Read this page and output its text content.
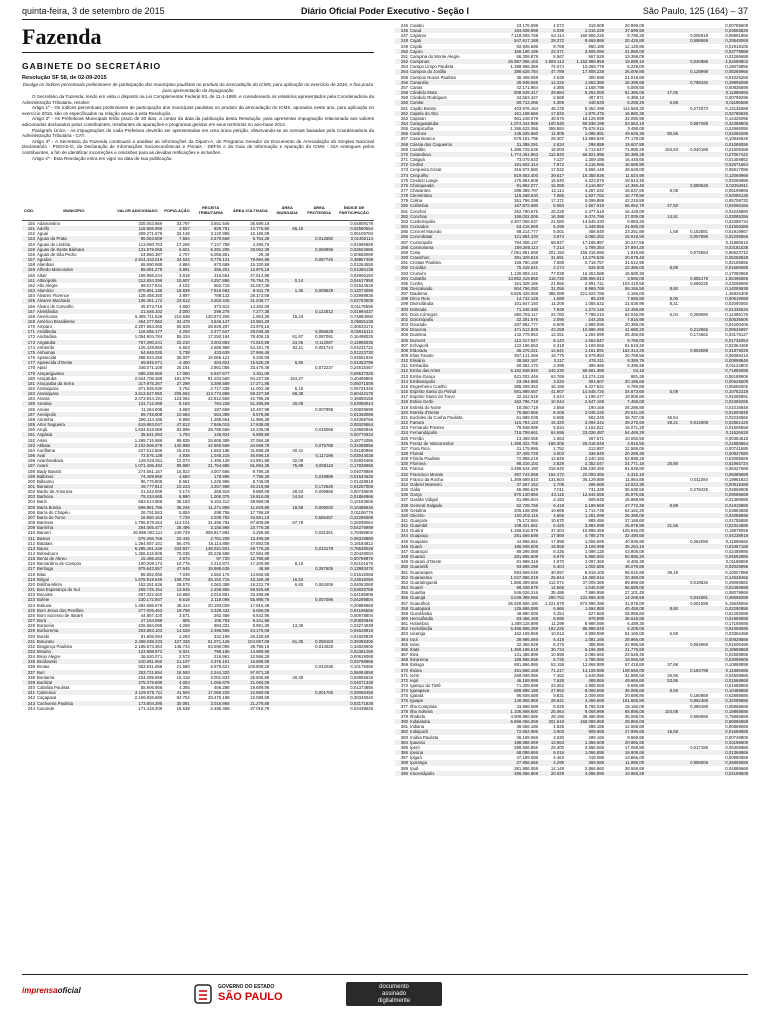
quinta-feira, 3 de setembro de 2015	Diário Oficial Poder Executivo - Seção I	São Paulo, 125 (164) – 37
Fazenda
GABINETE DO SECRETÁRIO
Resolução SF 58, de 02-09-2015
Divulga os índices percentuais preliminares de participação dos municípios paulistas no produto da arrecadação do ICMS, para aplicação no exercício de 2016, e fixa prazo para apresentação da impugnação

O Secretário da Fazenda, tendo em vista o disposto na Lei Complementar Federal 63, de 11-1-1990, e considerando os relatórios apresentados pela Coordenadoria da Administração Tributária, resolve:

Artigo 1º - Os índices percentuais preliminares de participação dos municípios paulistas no produto da arrecadação do ICMS, apurados neste ano, para aplicação no exercício 2016, são os especificados na relação anexa a esta Resolução.

Artigo 2º - As Prefeituras Municipais terão prazo de 30 dias, a contar da data da publicação desta Resolução, para apresentar impugnação relacionada aos valores adicionados declarados pelos contribuintes, resultantes de apurações e programas geridos em seus territórios no ano-base 2014.

Parágrafo Único - As impugnações de cada Prefeitura deverão ser apresentadas em uma única petição, observando-se as normas baixadas pela Coordenadoria da Administração Tributária - CAT.

Artigo 3º - A Secretaria da Fazenda continuará a analisar as informações da Dipam-A, do Programa Gerador do Documento de Arrecadação do Simples Nacional Declaratório - PGDAS-D, da Declaração de Informações Socioeconômicas e Fiscais - DEFIS e da Guia de Informação e Apuração do ICMS - GIA entregues pelos contribuintes, a fim de identificar incorreções e omissões para as devidas retificações e inclusões.

Artigo 4º - Esta Resolução entra em vigor na data de sua publicação.

CÓD.	MUNICÍPIO	VALOR ADICIONADO	POPULAÇÃO	RECEITA TRIBUTÁRIA	ÁREA CULTIVADA	ÁREA INUNDADA	ÁREA PROTEGIDA	ÍNDICE DE PARTICIPAÇÃO
150	Adamantina	325.053.669	33.797	3.651.646	35.589,18			0,04809178
151	Adolfo	118.556.995	3.557	829.781	14.775,80	65,18		0,02560554
152	Aguaí	409.271.679	32.148	3.120.985	42.196,08			0,06109784
153	Águas da Prata	86.063.609	7.584	2.579.569	8.764,28		0,012550	0,01482114
154	Águas de Lindóia	113.050.763	17.266	7.147.789	4.396,76			0,01985869
155	Águas de Santa Bárbara	131.979.068	5.601	6.391.205	28.062,38		0,069998	0,03604686
156	Águas de São Pedro	24.960.387	2.707	6.065.891	29,48			0,00558069
157	Agudos	2.914.433.018	34.524	6.776.131	79.994,98		0,087746	0,38967498
158	Alambari	65.890.988	4.884	673.699	15.330,88			0,01264555
159	Alfredo Marcondes	65.081.279	3.891	456.201	12.876,18			0,01386138
160	Altair	158.966.244	3.815	316.554	27.514,88			0,02906193
161	Altinópolis	212.554.296	15.607	4.257.886	76.794,75	0,14		0,04617958
162	Alto Alegre	69.017.944	4.102	562.715	31.057,38			0,01544628
163	Alumínio	876.891.136	16.839	7.815.692	8.911,78	1,36	0,009629	0,12074096
164	Álvares Florence	128.458.350	3.897	788.132	28.173,08			0,02998936
165	Álvares Machado	136.451.172	23.513	4.263.445	31.048,77			0,02763608
166	Álvaro de Carvalho	45.973.716	4.650	373.812	14.482,08			0,01175555
167	Alvinlândia	21.646.102	3.000	296.278	7.277,38		0,122512	0,01994437
168	Americana	5.385.711.526	210.638	120.674.205	1.953,38	18,24		0,74884080
169	Américo Brasiliense	464.277.952	34.478	3.546.147	10.981,28			0,06881138
170	Amparo	2.207.863.465	65.829	28.829.287	23.978,18			0,30633172
171	Analândia	118.656.177	4.293	2.477.647	28.038,38		0,066628	0,02615112
172	Andradina	1.054.904.784	55.334	17.250.184	78.406,18	61,87	0,087091	0,16498025
173	Angatuba	757.290.241	22.210	3.003.883	74.810,98	24,05	0,112087	0,12995036
174	Anhembi	125.428.860	5.653	2.586.989	54.181,78	62,11	0,051744	0,04231722
175	Anhumas	54.646.035	3.738	433.639	27.866,48			0,01223730
176	Aparecida	288.924.265	35.007	16.066.121	6.336,08			0,04551926
177	Aparecida d'Oeste	69.845.071	4.450	463.824	15.525,28	6,80		0,01353795
178	Apiaí	346.071.106	25.191	2.861.056	33.476,48		0,572237	0,24515467
179	Araçariguama	686.236.560	17.080	5.947.677	2.911,08			0,09537025
180	Araçatuba	2.624.706.489	181.579	81.034.560	94.227,58	154,27		0,40499865
181	Araçoiaba da Serra	317.975.267	27.299	3.289.589	17.271,88			0,05071508
182	Araraquara	871.926.030	3.752	2.717.339	11.002,48	5,16		0,05721346
183	Araraquara	3.613.527.950	208.662	113.774.988	59.227,58	68,38		0,60442178
184	Araras	2.473.944.191	123.054	42.812.559	42.795,28			0,36888158
185	Arealva	131.712.089	8.194	784.228	51.285,89	40,08		0,03058014
186	Areias	11.264.808	3.683	187.669	10.487,98		0,007998	0,00839698
187	Areiópolis	69.745.908	10.684	564.389	8.578,88			0,01368086
188	Ariranha	296.114.185	8.866	1.285.664	11.986,38			0,04358766
189	Artur Nogueira	619.863.047	47.812	7.846.015	17.638,08			0,09329564
190	Arujá	1.634.618.069	82.896	28.786.659	10.236,08		0,015066	0,23660846
191	Aspásia	35.641.093	1.794	146.924	6.898,88			0,00770934
192	Assis	1.269.715.986	99.835	26.906.389	37.066,38			0,18774286
193	Atibaia	2.102.506.079	140.898	42.860.566	34.689,78		0,075788	0,31088856
194	Auriflama	227.612.566	15.215	1.553.186	31.888,28	40,41		0,04180866
195	Avaí	73.576.138	4.938	1.045.219	46.696,18		0,117196	0,03044038
196	Avanhandava	128.023.811	12.073	1.456.139	24.891,88	32,08		0,02825466
197	Avaré	1.071.406.494	89.990	21.764.986	81.994,38	75,89	0,008118	0,17839958
198	Bady Bassitt	274.551.167	15.922	4.007.686	9.796,28			0,04078889
199	Balbinos	74.489.966	4.680	179.996	7.796,38		0,019989	0,01544626
200	Bálsamo	86.776.809	8.651	1.226.986	8.746,08			0,01428818
201	Bananal	49.777.812	10.223	3.257.988	40.219,88		0,172626	0,04257068
202	Barão de Antonina	21.242.009	3.174	268.915	9.888,08	28,93	0,009966	0,00748606
203	Barbosa	79.234.965	6.990	1.008.376	16.818,08	24,54		0,01866866
204	Bariri	683.614.968	35.183	9.153.412	38.999,08			0,10183506
205	Barra Bonita	699.861.785	35.246	11.271.895	11.829,88	18,58	0,009202	0,10488646
206	Barra do Chapéu	26.791.563	5.854	298.756	17.786,28			0,01106776
207	Barra do Turvo	16.850.163	7.729	2.039.782	34.581,18		0,585457	0,22296008
208	Barretos	1.756.879.264	112.101	31.496.784	97.809,88	87,78		0,29298064
209	Barrinha	284.065.477	28.496	3.156.988	10.779,38			0,04279998
210	Barueri	26.996.002.111	240.749	808.817.882	3.298,88		0,031351	3,79498802
211	Bastos	576.266.766	20.445	2.761.208	13.499,58			0,08319880
212	Batatais	1.294.657.101	56.476	16.114.888	47.883,08			0,19184812
213	Bauru	5.285.461.446	343.937	148.021.501	48.776,28		0,013178	0,78538048
214	Bebedouro	1.366.615.608	75.035	28.226.598	57.984,88			0,20428004
215	Bento de Abreu	15.486.262	2.674	97.720	12.768,88			0,00769876
216	Bernardino de Campos	100.008.173	10.775	2.212.872	17.209,88	8,10		0,02101676
217	Bertioga	975.643.557	47.645	19.988.639	48,99		0,267605	0,13983478
218	Bilac	86.862.065	7.048	2.562.176	14.666,58			0,01616068
219	Birigui	1.578.919.649	108.728	48.152.715	43.169,48	16,53		0,23919266
220	Biritiba-Mirim	152.261.636	28.575	2.063.388	16.222,78	6,60	0,063406	0,04063068
221	Boa Esperança do Sul	209.725.154	13.645	2.458.956	59.926,68			0,03839788
222	Bocaina	267.322.460	10.858	3.010.881	33.488,88			0,04195906
223	Bofete	230.172.947	9.618	2.119.098	55.988,78		0,007096	0,04299804
224	Boituva	1.492.686.678	48.314	20.193.029	17.915,48			0,20889968
225	Bom Jesus dos Perdões	277.005.463	19.708	3.328.432	5.066,08			0,04196556
226	Bom Sucesso de Itararé	44.857.420	3.571	292.489	6.542,98			0,00978804
227	Borá	47.154.098	805	106.763	9.341,98			0,00830848
228	Boracéia	226.684.099	4.268	984.331	8.991,38	13,36		0,03274038
229	Borborema	263.883.103	14.529	2.496.566	44.176,08			0,04628918
230	Borebi	91.806.094	2.293	342.199	26.228,68			0,01928838
231	Botucatu	2.498.038.233	127.328	51.071.128	104.097,08	61,35	0,058183	0,39358306
232	Bragança Paulista	2.185.573.364	146.744	53.596.095	39.796,18		0,014028	0,32828606
233	Braúna	123.998.972	5.021	798.186	14.989,98			0,02381286
234	Brejo Alegre	26.520.071	2.573	216.961	10.566,28			0,00619068
235	Brodowski	240.081.850	21.107	4.376.161	16.888,08			0,03788866
236	Brotas	553.631.658	21.580	6.978.621	108.808,28		0,042036	0,10178456
237	Buri	253.721.854	18.563	2.244.320	97.971,28			0,06084858
238	Buritama	224.289.658	15.418	3.001.833	25.836,88	40,30		0,03855626
239	Buritizal	275.379.689	4.053	1.066.679	21.066,08			0,04071338
240	Cabrália Paulista	55.906.866	4.365	466.288	19.689,98			0,01373856
241	Cabreúva	2.129.875.711	41.604	17.068.228	22.869,08		0,001706	0,29066456
242	Caçapava	2.169.826.686	84.752	28.476.188	22.088,08			0,30346046
243	Cachoeira Paulista	173.804.295	30.091	3.016.968	21.278,88			0,03171938
244	Caconde	171.418.209	18.538	2.496.369	37.018,78			0,03439626
245	Caiabu	23.176.598	4.072	319.608	20.999,08			0,00789608
246	Caiuá	184.639.988	5.039	1.016.229	37.699,58			0,03558826
247	Cajamar	7.118.059.768	64.114	160.906.226	9.798,28		0,005918	0,98891866
248	Cajati	547.617.188	28.372	8.669.886	20.426,88		0,598669	0,29548068
249	Cajobi	92.946.696	9.768	950.189	12.128,88			0,01918106
250	Cajuru	169.196.189	23.371	3.608.096	41.868,08			0,03779888
251	Campina do Monte Alegre	56.306.879	5.567	567.629	13.398,08			0,01266688
252	Campinas	26.987.096.166	1.080.113	1.152.988.858	19.089,18		0,040986	4,02688802
253	Campo Limpo Paulista	1.398.966.388	74.074	15.069.778	6.229,08			0,19076856
254	Campos do Jordão	388.628.784	47.789	17.808.228	26.009,88		0,128998	0,08269966
255	Campos Novos Paulista	38.408.059	4.539	300.698	21.018,88			0,01026266
256	Cananéia	39.948.566	12.226	1.663.386	16.399,88		0,798426	0,29996098
257	Canas	42.171.964	4.385	1.168.798	5.069,58			0,00836698
258	Cândido Mota	808.549.417	29.884	5.264.068	51.386,08	17,06		0,11888666
259	Cândido Rodrigues	34.553.427	2.668	487.971	6.388,18			0,00798296
260	Canitar	59.712.286	4.369	448.828	6.288,28	6,58		0,01196686
261	Capão Bonito	403.976.164	46.178	8.352.499	114.668,28		0,272573	0,13136688
262	Capela do Alto	161.158.666	17.532	1.876.475	16.880,38			0,02786826
263	Capivari	961.248.079	48.576	18.128.098	32.096,98			0,14326096
264	Caraguatatuba	1.074.444.969	100.840	59.938.198	33.662,18		0,587268	0,42388806
265	Carapicuíba	1.366.632.366	369.584	75.676.916	3.498,08			0,24966086
266	Cardoso	145.325.660	11.805	1.096.881	49.626,38	80,66		0,03466286
267	Casa Branca	679.181.798	28.307	13.889.826	77.178,08			0,10846826
268	Cássia dos Coqueiros	31.388.291	2.634	298.888	15.607,88			0,01088096
269	Castilho	1.366.725.538	18.003	4.713.547	71.989,28	153,83	0,040189	0,21608468
270	Catanduva	1.774.451.963	112.820	66.821.996	26.388,38			0,27067442
271	Catiguá	73.075.633	7.127	1.309.188	15.448,68			0,01458862
272	Cedral	181.602.314	7.972	4.116.066	16.689,98			0,02671664
273	Cerqueira César	316.972.680	17.532	3.656.148	48.628,08			0,05617086
274	Cerquilho	819.553.400	39.617	10.358.636	11.624,98			0,12068966
275	Cesário Lange	176.864.608	15.540	4.323.876	19.613,48			0,03259988
276	Charqueada	91.862.077	15.085	4.116.867	14.366,48		0,089528	0,02254911
277	Chavantes	289.389.797	12.114	4.287.632	16.837,68	8,09		0,05199866
278	Clementina	115.268.630	7.065	1.827.762	16.779,98			0,02086135
279	Colina	361.786.298	17.371	5.096.888	42.219,88			0,05708733
280	Colômbia	167.872.580	5.994	1.567.919	66.952,78	47,50		0,04066166
281	Conchal	262.790.575	25.229	4.377.619	15.428,08			0,04248880
282	Conchas	159.002.005	16.288	5.074.796	27.009,08	14,91		0,03086286
283	Cordeirópolis	2.307.066.637	21.080	14.546.330	9.883,28			0,32085734
284	Coroados	63.216.969	5.298	1.348.656	24.585,08			0,01506388
285	Coronel Macedo	68.214.777	5.001	458.848	23.251,88	1,58	0,152881	0,01919967
286	Corumbataí	121.984.330	3.874	3.065.252	15.918,58		0,007898	0,02206966
287	Cosmópolis	784.306.137	58.827	17.185.987	10.247,58			0,11859618
288	Cosmorama	189.286.114	7.214	1.789.354	27.894,28			0,03181538
289	Cotia	7.051.881.685	201.150	155.316.696	1.815,68		0,075584	0,96623710
290	Cravinhos	391.326.616	31.691	13.279.536	20.678,48			0,06258828
291	Cristais Paulista	159.790.168	7.588	2.718.757	31.512,98			0,02196656
292	Cruzália	75.415.641	2.274	526.508	22.386,08	8,89		0,01686686
293	Cruzeiro	1.130.893.142	77.039	16.253.588	16.688,38			0,17082968
294	Cubatão	13.882.419.855	118.720	239.869.813	3.566,08		0,855179	1,92496566
295	Cunha	151.328.186	21.866	2.891.741	103.419,58		0,669225	0,23298669
296	Descalvado	904.756.250	31.056	8.969.769	59.166,58	8,60		0,14089938
297	Diadema	9.826.426.068	386.089	221.624.786	2.166,08			1,46826308
298	Dirce Reis	14.742.126	1.689	85.229	7.656,88	8,06		0,00619068
299	Divinolândia	101.847.150	11.208	1.055.532	21.638,98	8,31		0,02090060
300	Dobrada	71.246.330	7.939	1.272.146	12.458,88			0,01436626
301	Dois Córregos	656.792.117	24.760	7.788.215	64.046,89	6,04	0,259980	0,12386176
302	Dolcinópolis	22.291.676	2.096	244.256	7.816,98			0,00636606
303	Dourado	287.952.777	8.609	1.989.596	20.388,08			0,04200406
304	Dracena	471.512.829	43.258	10.898.496	41.688,28		0,212866	0,08526997
305	Duartina	142.779.852	12.251	1.284.999	26.466,68		0,174662	0,03178127
306	Dumont	112.317.547	8.143	1.663.847	9.766,08			0,01735054
307	Echaporã	122.196.553	6.318	1.169.566	51.518,28			0,02364469
308	Eldorado	36.376.221	14.641	1.151.891	162.314,28		0,902589	0,31879028
309	Elias Fausto	367.141.266	15.775	3.879.893	20.788,58			0,06088416
310	Elisiário	38.562.167	3.117	476.311	9.389,79			0,00898848
311	Embaúba	60.362.170	2.399	396.686	8.396,98			0,01124802
312	Embu das Artes	5.182.948.840	240.230	66.691.385	64,18			0,71865088
313	Embu-Guaçu	521.002.446	62.769	13.274.128	881,38			0,08188906
314	Emilianópolis	23.494.985	3.020	304.507	20.186,68			0,00625508
315	Engenheiro Coelho	385.289.353	16.158	6.227.821	9.769,88			0,05666006
316	Espírito Santo do Pinhal	681.898.657	41.907	14.548.726	34.673,68	5,09		0,10752319
317	Espírito Santo do Turvo	32.342.615	4.244	1.196.477	19.908,88			0,01085891
318	Estiva Gerbi	162.796.718	10.044	2.547.169	7.458,08			0,02469285
319	Estrela do Norte	18.360.718	2.658	190.169	26.288,88			0,01016848
320	Estrela d'Oeste	75.860.666	8.208	2.046.226	29.641,68			0,01600848
321	Euclides da Cunha Paulista	61.889.038	9.585	502.245	45.787,08	46,54		0,02226566
322	Fartura	115.754.123	15.320	2.094.242	39.275,68	28,21	0,014008	0,02861426
323	Fernando Prestes	76.948.688	5.534	1.154.521	16.071,28			0,01506658
324	Fernandópolis	716.799.661	64.696	23.026.487	54.469,28			0,11626628
325	Fernão	13.369.055	1.563	267.571	10.066,58			0,00384518
326	Ferraz de Vasconcelos	1.368.322.705	168.306	25.016.948	2.916,58			0,21886864
327	Flora Rica	21.175.986	1.752	213.887	22.568,06			0,00741689
328	Floreal	37.405.728	3.003	436.949	20.269,38			0,00937680
329	Flórida Paulista	72.868.218	12.848	2.240.183	52.898,28			0,02086669
330	Florínea	98.316.103	2.829	2.352.047	24.771,18	25,80		0,01965724
331	Franca	3.489.544.190	318.640	136.239.456	61.939,88			0,56327688
332	Francisco Morato	387.743.069	154.472	22.000.366	4.316,18			0,09385898
333	Franco da Rocha	1.369.588.510	131.604	36.129.889	11.964,88		0,011084	0,19981923
334	Gabriel Monteiro	37.267.152	2.708	296.869	13.023,38			0,00919488
335	Gália	65.896.629	7.011	731.339	35.638,58		0,278425	0,02858908
336	Garça	570.130.866	43.115	12.544.555	45.976,68			0,09086668
337	Gastão Vidigal	61.986.604	4.193	509.848	16.868,98			0,01386885
338	General Salgado	62.728.766	6.419	2.199.668	47.772,38	8,89		0,01915985
339	Getulina	206.148.396	10.669	1.714.748	64.162,28			0,03863688
340	Glicério	106.202.115	4.565	1.281.698	26.395,08			0,02088896
341	Guaiçara	75.172.584	10.670	889.486	27.168,68			0,01755888
342	Guaimbê	108.421.661	5.425	3.894.098	25.978,98	21,56		0,02324686
343	Guaíra	1.268.516.879	37.404	10.898.458	126.846,08			0,19878058
344	Guapiaçu	281.666.598	17.869	4.786.276	32.490,58			0,04238918
345	Guapiara	44.866.651	17.998	1.055.695	40.938,98		0,262095	0,11898666
346	Guará	186.608.608	19.858	3.108.098	36.254,18			0,03467186
347	Guaraçaí	89.296.088	8.435	1.088.128	43.808,08			0,02488986
348	Guaraci	281.995.608	9.976	5.866.592	50.886,28			0,04692886
349	Guarani d'Oeste	81.998.318	1.970	2.097.369	8.406,38			0,01189869
350	Guarantã	93.698.298	6.404	1.002.686	46.078,88			0,02029996
351	Guararapes	593.869.048	30.597	6.819.108	95.616,88	39,18		0,10007988
352	Guararema	1.047.866.019	25.844	16.308.916	20.369,08			0,14528466
353	Guaratinguetá	1.868.399.666	112.072	37.009.369	69.898,68		0,018826	0,29096882
354	Guareí	99.338.878	14.565	1.046.038	56.689,08			0,02466988
355	Guariba	549.026.216	35.486	7.986.858	27.101,48			0,08078868
356	Guarujá	3.049.389.066	290.752	131.968.308	14.268,58		0,042081	0,48598288
357	Guarulhos	36.928.866.180	1.221.979	872.996.398	31.878,08		0,001598	5,15648066
358	Guatapará	125.686.596	6.966	1.694.868	40.458,08	8,60		0,02290886
359	Guzolândia	48.990.006	4.254	527.668	25.958,68			0,01255085
360	Herculândia	83.466.169	8.696	978.999	36.618,88			0,01988585
361	Holambra	1.268.118.898	11.299	8.988.596	6.489,38			0,17168088
362	Hortolândia	6.486.898.288	192.225	86.998.548	6.209,08			0,91058686
363	Iacanga	162.169.968	10.013	2.898.598	54.169,08	6,68		0,03366488
364	Iacri	28.986.066	6.419	1.081.166	28.966,08			0,00928888
365	Iaras	32.366.828	6.376	388.988	22.996,58		0,064968	0,01506488
366	Ibaté	1.369.186.618	30.734	6.196.386	21.778,68			0,18988868
367	Ibirá	131.486.898	10.896	2.086.666	22.628,48			0,02558886
368	Ibirarema	189.986.666	6.725	1.788.066	19.066,68			0,03099606
369	Ibitinga	681.866.886	53.158	12.868.888	67.418,68	37,68		0,10888898
370	Ibiúna	481.866.168	71.217	14.108.988	108.668,08		0,184798	0,11866086
371	Icém	269.068.086	7.462	1.648.996	31.996,68	26,86		0,04508886
372	Iepê	46.169.998	7.628	489.866	49.666,68	53,86		0,01568868
373	Igaraçu do Tietê	71.308.698	23.362	1.808.668	9.696,98			0,01688868
374	Igarapava	689.898.188	27.952	8.068.688	46.088,68	8,66		0,10488886
375	Igaratá	96.608.688	8.831	2.009.066	20.698,86		0,160868	0,02898886
376	Iguape	146.866.968	28.841	4.469.668	151.666,88		0,862468	0,32089886
377	Ilha Comprida	33.866.699	9.025	8.786.028	19.166,08		0,386489	0,05868668
378	Ilha Solteira	1.108.868.600	25.064	9.068.998	65.898,08	104,08		0,19869886
379	Ilhabela	4.909.866.686	28.196	39.496.998	35.068,06		0,658986	0,75866868
380	Indaiatuba	6.869.066.068	201.619	168.089.868	29.866,08			0,96086868
381	Indiana	38.666.186	4.825	388.186	12.668,88			0,00869688
382	Indiaporã	72.662.986	3.903	908.668	27.998,68	18,68		0,01588886
383	Inúbia Paulista	36.169.066	3.630	289.166	8.669,88			0,00749806
384	Ipaussu	188.688.069	13.663	1.366.608	20.866,58			0,03196608
385	Iperó	398.606.866	28.300	3.866.668	17.068,88		0,017186	0,06306886
386	Ipeúna	68.086.866	6.016	1.066.886	18.908,68			0,01368869
387	Ipiguá	47.199.086	4.463	419.086	13.666,08			0,00990668
388	Iporanga	27.866.666	4.299	369.686	11.986,08		0,998006	0,26808686
389	Ipuã	281.886.068	14.148	2.866.860	38.666,68			0,04886668
390	Iracemápolis	286.066.869	20.029	4.066.996	10.966,28			0,04198608
imprensaoficial	GOVERNO DO ESTADO
SÃO PAULO
documento
assinado
digitalmente
